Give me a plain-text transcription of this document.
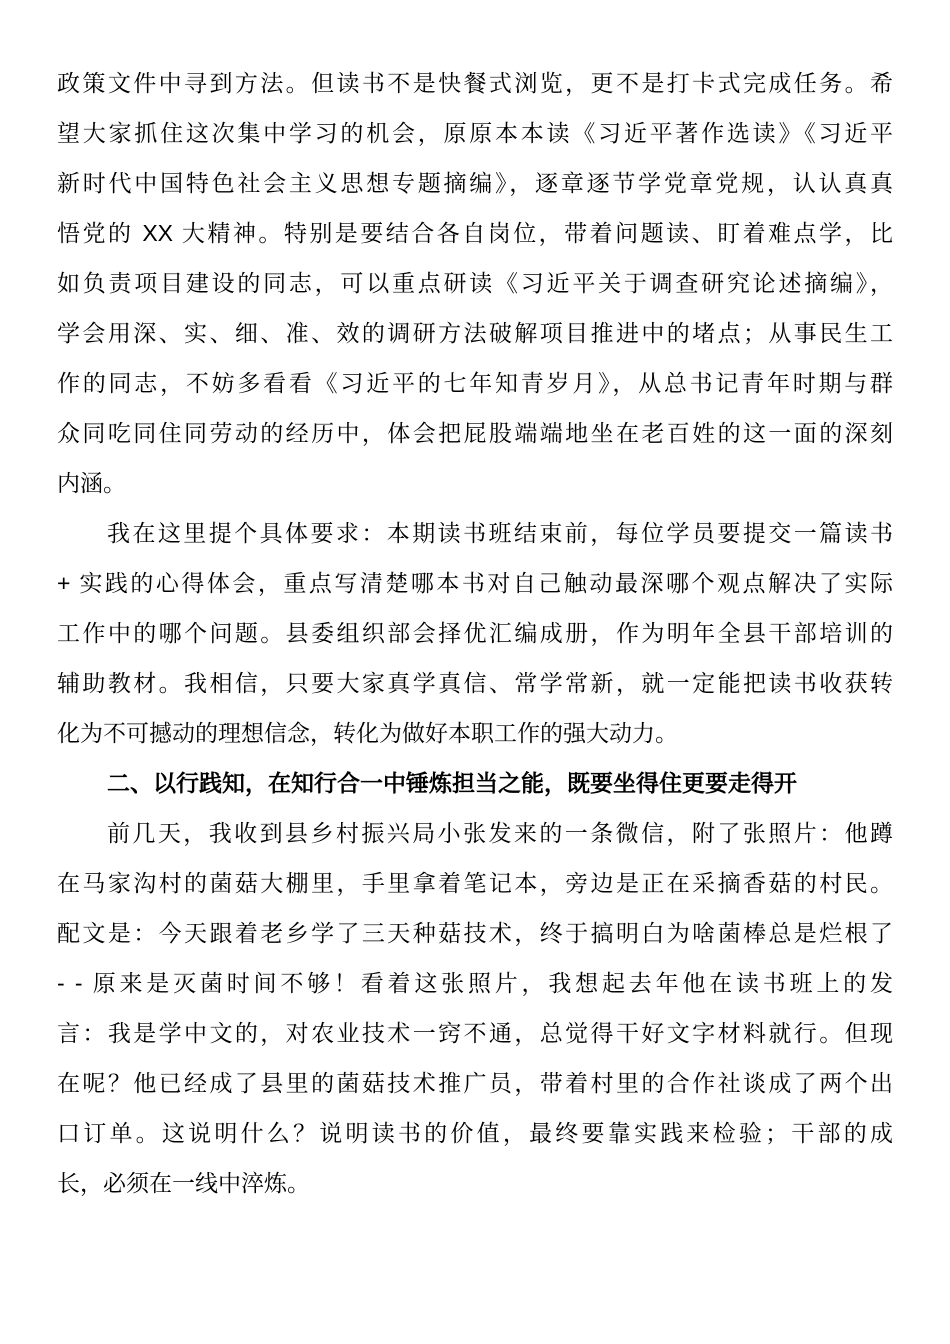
政策文件中寻到方法。但读书不是快餐式浏览，更不是打卡式完成任务。希
望大家抓住这次集中学习的机会，原原本本读《习近平著作选读》《习近平
新时代中国特色社会主义思想专题摘编》，逐章逐节学党章党规，认认真真
悟党的 XX 大精神。特别是要结合各自岗位，带着问题读、盯着难点学，比
如负责项目建设的同志，可以重点研读《习近平关于调查研究论述摘编》，
学会用深、实、细、准、效的调研方法破解项目推进中的堵点；从事民生工
作的同志，不妨多看看《习近平的七年知青岁月》，从总书记青年时期与群
众同吃同住同劳动的经历中，体会把屁股端端地坐在老百姓的这一面的深刻
内涵。
我在这里提个具体要求：本期读书班结束前，每位学员要提交一篇读书
+ 实践的心得体会，重点写清楚哪本书对自己触动最深哪个观点解决了实际
工作中的哪个问题。县委组织部会择优汇编成册，作为明年全县干部培训的
辅助教材。我相信，只要大家真学真信、常学常新，就一定能把读书收获转
化为不可撼动的理想信念，转化为做好本职工作的强大动力。
二、以行践知，在知行合一中锤炼担当之能，既要坐得住更要走得开
前几天，我收到县乡村振兴局小张发来的一条微信，附了张照片：他蹲
在马家沟村的菌菇大棚里，手里拿着笔记本，旁边是正在采摘香菇的村民。
配文是：今天跟着老乡学了三天种菇技术，终于搞明白为啥菌棒总是烂根了
- - 原来是灭菌时间不够！看着这张照片，我想起去年他在读书班上的发
言：我是学中文的，对农业技术一窍不通，总觉得干好文字材料就行。但现
在呢？他已经成了县里的菌菇技术推广员，带着村里的合作社谈成了两个出
口订单。这说明什么？说明读书的价值，最终要靠实践来检验；干部的成
长，必须在一线中淬炼。
